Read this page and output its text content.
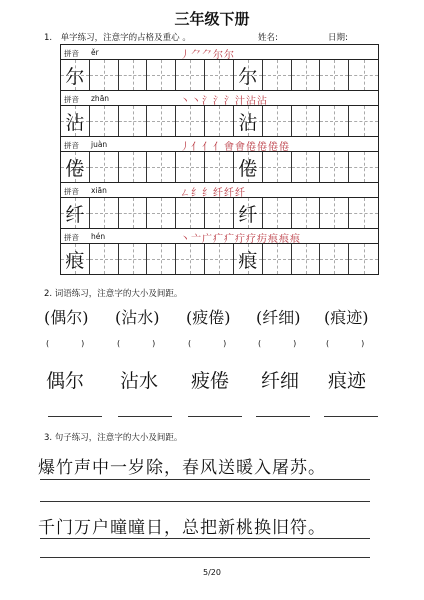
三年级下册
1.　单字练习，注意字的占格及重心 。	姓名:	日期:
拼音 ěr	⼃⺈⺈尔尔
尔	尔
拼音 zhān	丶丶氵氵氵汁沾沾
沾	沾
拼音 juàn	丿亻亻亻㑹㑹倦倦倦倦
倦	倦
拼音 xiān	ㄥ纟纟纤纤纤
纤	纤
拼音 hén	丶亠广疒疒疔疗疠痕痕痕
痕	痕
2. 词语练习，注意字的大小及间距。
(偶尔) (沾水) (疲倦) (纤细) (痕迹)
(　　　　)	(　　　　)	(　　　　)	(　　　　)	(　　　　)
偶尔 沾水 疲倦 纤细 痕迹
3. 句子练习，注意字的大小及间距。
爆竹声中一岁除，春风送暖入屠苏。
千门万户曈曈日，总把新桃换旧符。
5/20
